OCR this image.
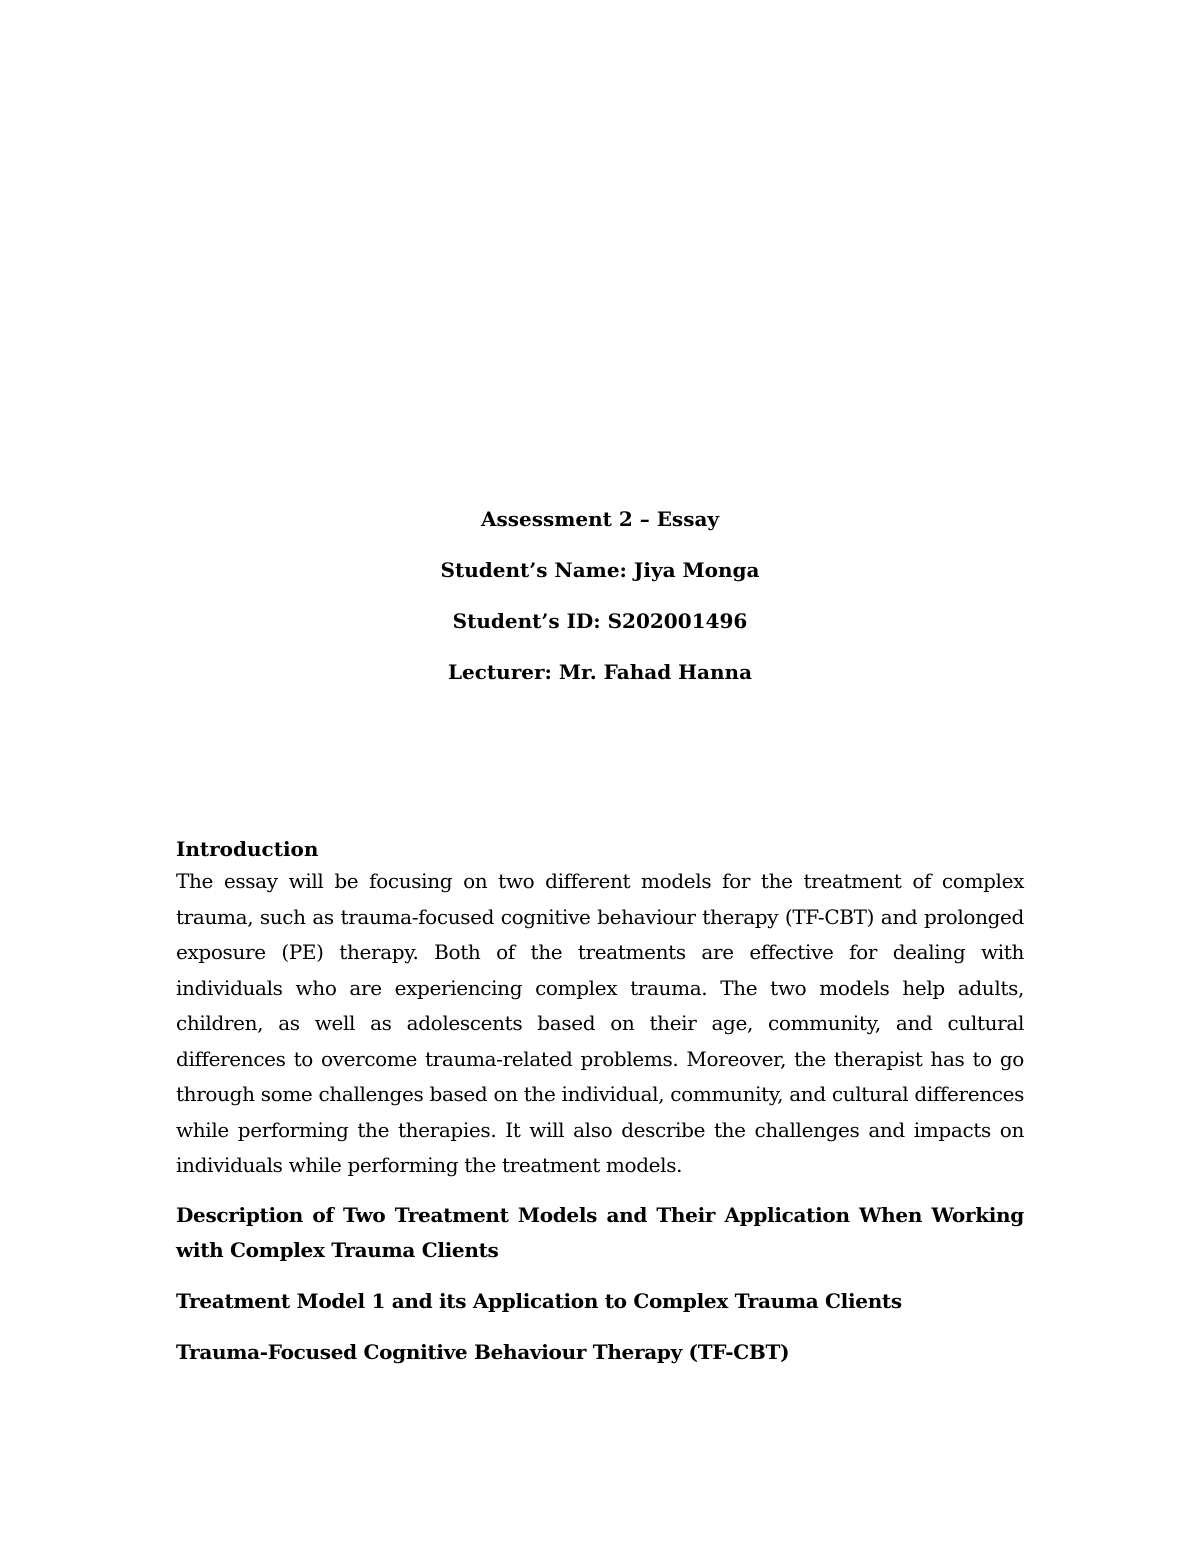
Assessment 2 – Essay
Student’s Name: Jiya Monga
Student’s ID: S202001496
Lecturer: Mr. Fahad Hanna
Introduction

The essay will be focusing on two different models for the treatment of complex trauma, such as trauma-focused cognitive behaviour therapy (TF-CBT) and prolonged exposure (PE) therapy. Both of the treatments are effective for dealing with individuals who are experiencing complex trauma. The two models help adults, children, as well as adolescents based on their age, community, and cultural differences to overcome trauma-related problems. Moreover, the therapist has to go through some challenges based on the individual, community, and cultural differences while performing the therapies. It will also describe the challenges and impacts on individuals while performing the treatment models.

Description of Two Treatment Models and Their Application When Working with Complex Trauma Clients
Treatment Model 1 and its Application to Complex Trauma Clients
Trauma-Focused Cognitive Behaviour Therapy (TF-CBT)
